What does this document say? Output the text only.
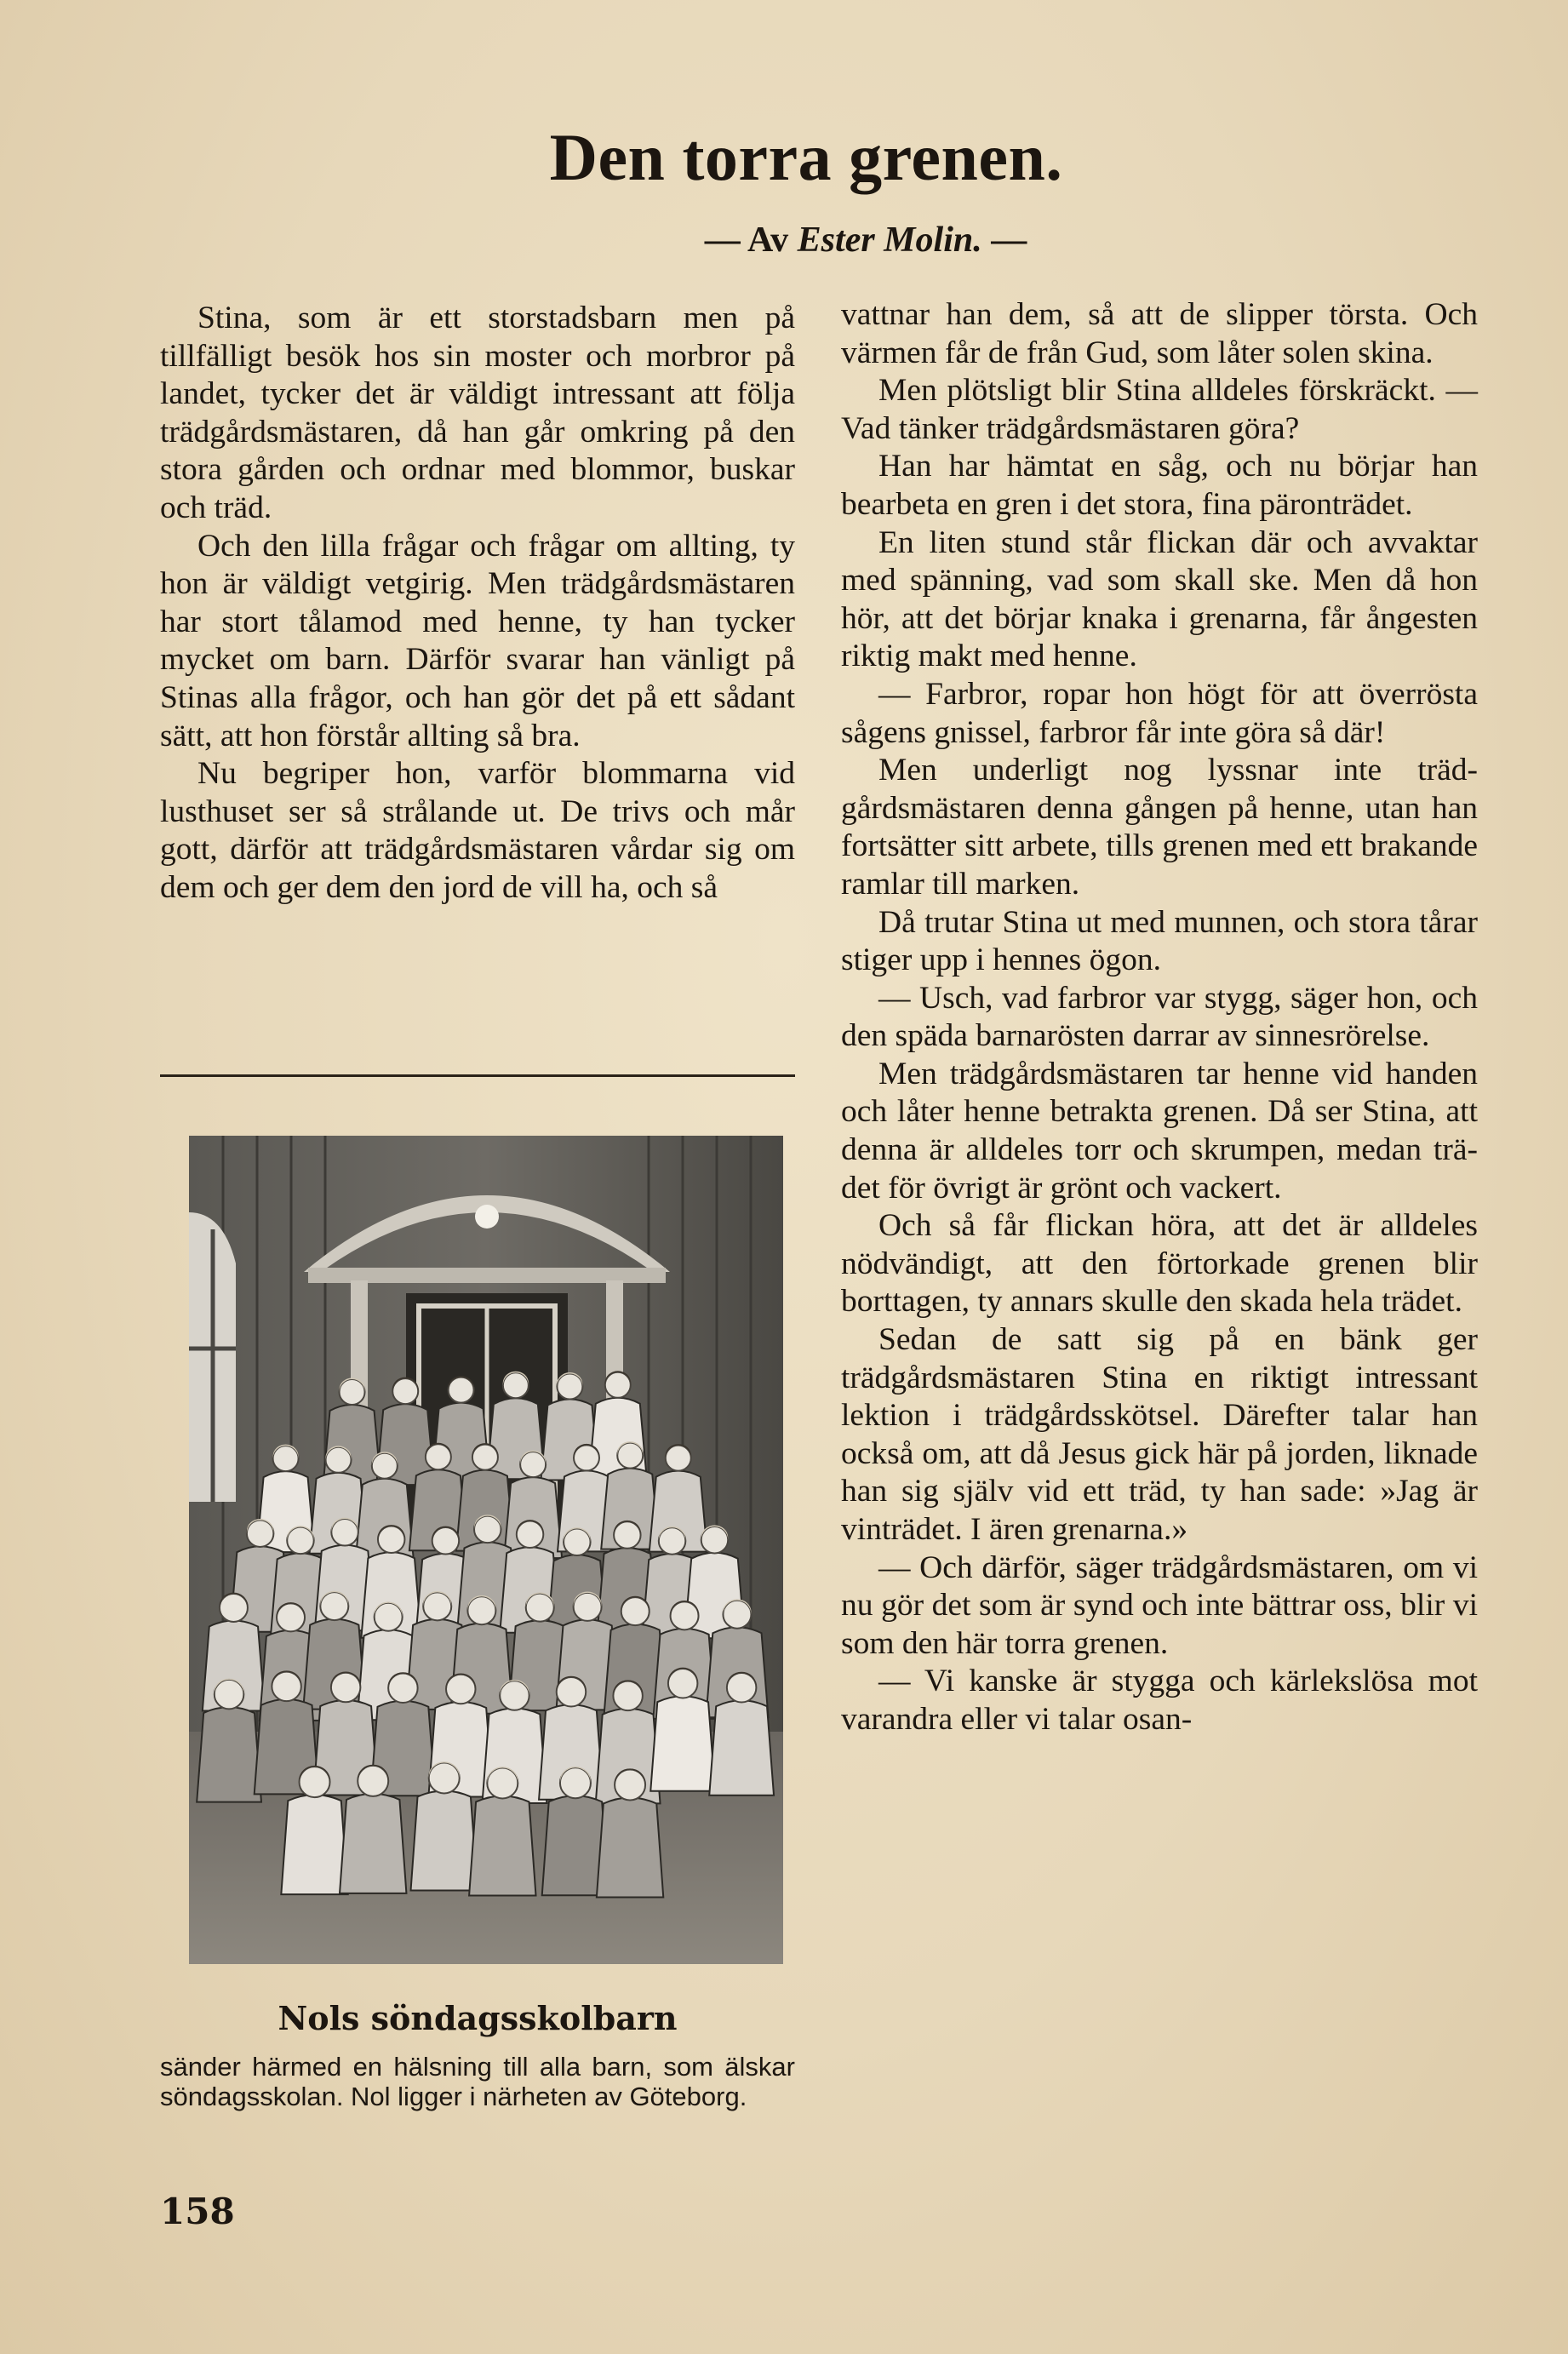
Den torra grenen.
— Av Ester Molin. —

Stina, som är ett storstadsbarn men på tillfälligt besök hos sin moster och morbror på landet, tycker det är väldigt intressant att följa trädgårdsmästaren, då han går omkring på den stora gården och ordnar med blommor, buskar och träd.

Och den lilla frågar och frågar om allting, ty hon är väldigt vetgirig. Men trädgårdsmästaren har stort tålamod med henne, ty han tycker mycket om barn. Därför svarar han vänligt på Stinas alla frågor, och han gör det på ett sådant sätt, att hon förstår allting så bra.

Nu begriper hon, varför blommarna vid lusthuset ser så strålande ut. De trivs och mår gott, därför att trädgårdsmästaren vårdar sig om dem och ger dem den jord de vill ha, och så

Nols söndagsskolbarn
sänder härmed en hälsning till alla barn, som älskar söndagsskolan. Nol ligger i närheten av Göteborg.

vattnar han dem, så att de slipper törsta. Och värmen får de från Gud, som låter solen skina.

Men plötsligt blir Stina alldeles förskräckt. — Vad tänker trädgårdsmästaren göra?

Han har hämtat en såg, och nu börjar han bearbeta en gren i det stora, fina päronträdet.

En liten stund står flickan där och avvaktar med spänning, vad som skall ske. Men då hon hör, att det börjar knaka i grenarna, får ångesten riktig makt med henne.

— Farbror, ropar hon högt för att överrösta sågens gnissel, farbror får inte göra så där!

Men underligt nog lyssnar inte trädgårdsmästaren denna gången på henne, utan han fortsätter sitt arbete, tills grenen med ett brakande ramlar till marken.

Då trutar Stina ut med munnen, och stora tårar stiger upp i hennes ögon.

— Usch, vad farbror var stygg, säger hon, och den späda barnarösten darrar av sinnesrörelse.

Men trädgårdsmästaren tar henne vid handen och låter henne betrakta grenen. Då ser Stina, att denna är alldeles torr och skrumpen, medan trädet för övrigt är grönt och vackert.

Och så får flickan höra, att det är alldeles nödvändigt, att den förtorkade grenen blir borttagen, ty annars skulle den skada hela trädet.

Sedan de satt sig på en bänk ger trädgårdsmästaren Stina en riktigt intressant lektion i trädgårdsskötsel. Därefter talar han också om, att då Jesus gick här på jorden, liknade han sig själv vid ett träd, ty han sade: »Jag är vinträdet. I ären grenarna.»

— Och därför, säger trädgårdsmästaren, om vi nu gör det som är synd och inte bättrar oss, blir vi som den här torra grenen.

— Vi kanske är stygga och kärlekslösa mot varandra eller vi talar osan-

158
